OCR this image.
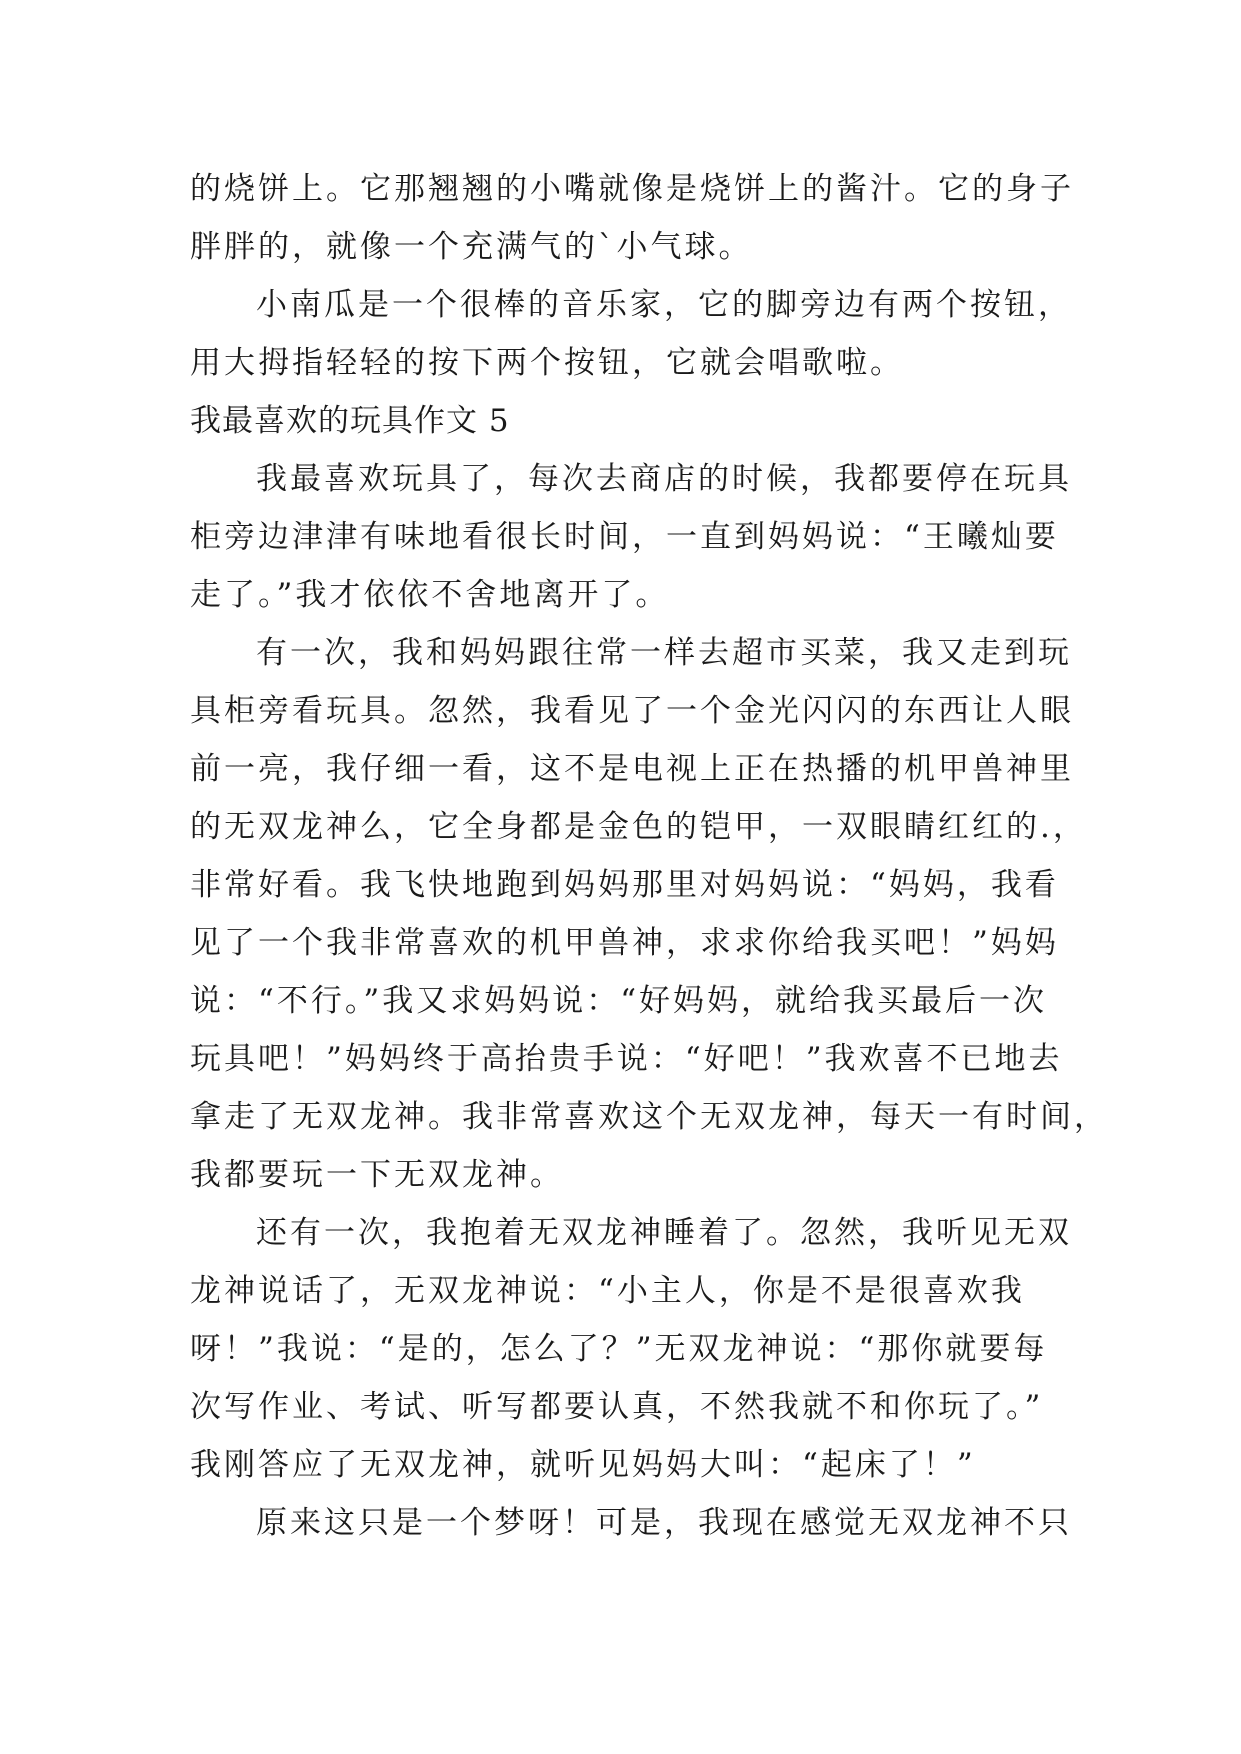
的烧饼上。它那翘翘的小嘴就像是烧饼上的酱汁。它的身子
胖胖的，就像一个充满气的`小气球。
小南瓜是一个很棒的音乐家，它的脚旁边有两个按钮，
用大拇指轻轻的按下两个按钮，它就会唱歌啦。
我最喜欢的玩具作文 5
我最喜欢玩具了，每次去商店的时候，我都要停在玩具
柜旁边津津有味地看很长时间，一直到妈妈说：“王曦灿要
走了。”我才依依不舍地离开了。
有一次，我和妈妈跟往常一样去超市买菜，我又走到玩
具柜旁看玩具。忽然，我看见了一个金光闪闪的东西让人眼
前一亮，我仔细一看，这不是电视上正在热播的机甲兽神里
的无双龙神么，它全身都是金色的铠甲，一双眼睛红红的.，
非常好看。我飞快地跑到妈妈那里对妈妈说：“妈妈，我看
见了一个我非常喜欢的机甲兽神，求求你给我买吧！”妈妈
说：“不行。”我又求妈妈说：“好妈妈，就给我买最后一次
玩具吧！”妈妈终于高抬贵手说：“好吧！”我欢喜不已地去
拿走了无双龙神。我非常喜欢这个无双龙神，每天一有时间，
我都要玩一下无双龙神。
还有一次，我抱着无双龙神睡着了。忽然，我听见无双
龙神说话了，无双龙神说：“小主人，你是不是很喜欢我
呀！”我说：“是的，怎么了？”无双龙神说：“那你就要每
次写作业、考试、听写都要认真，不然我就不和你玩了。”
我刚答应了无双龙神，就听见妈妈大叫：“起床了！”
原来这只是一个梦呀！可是，我现在感觉无双龙神不只
